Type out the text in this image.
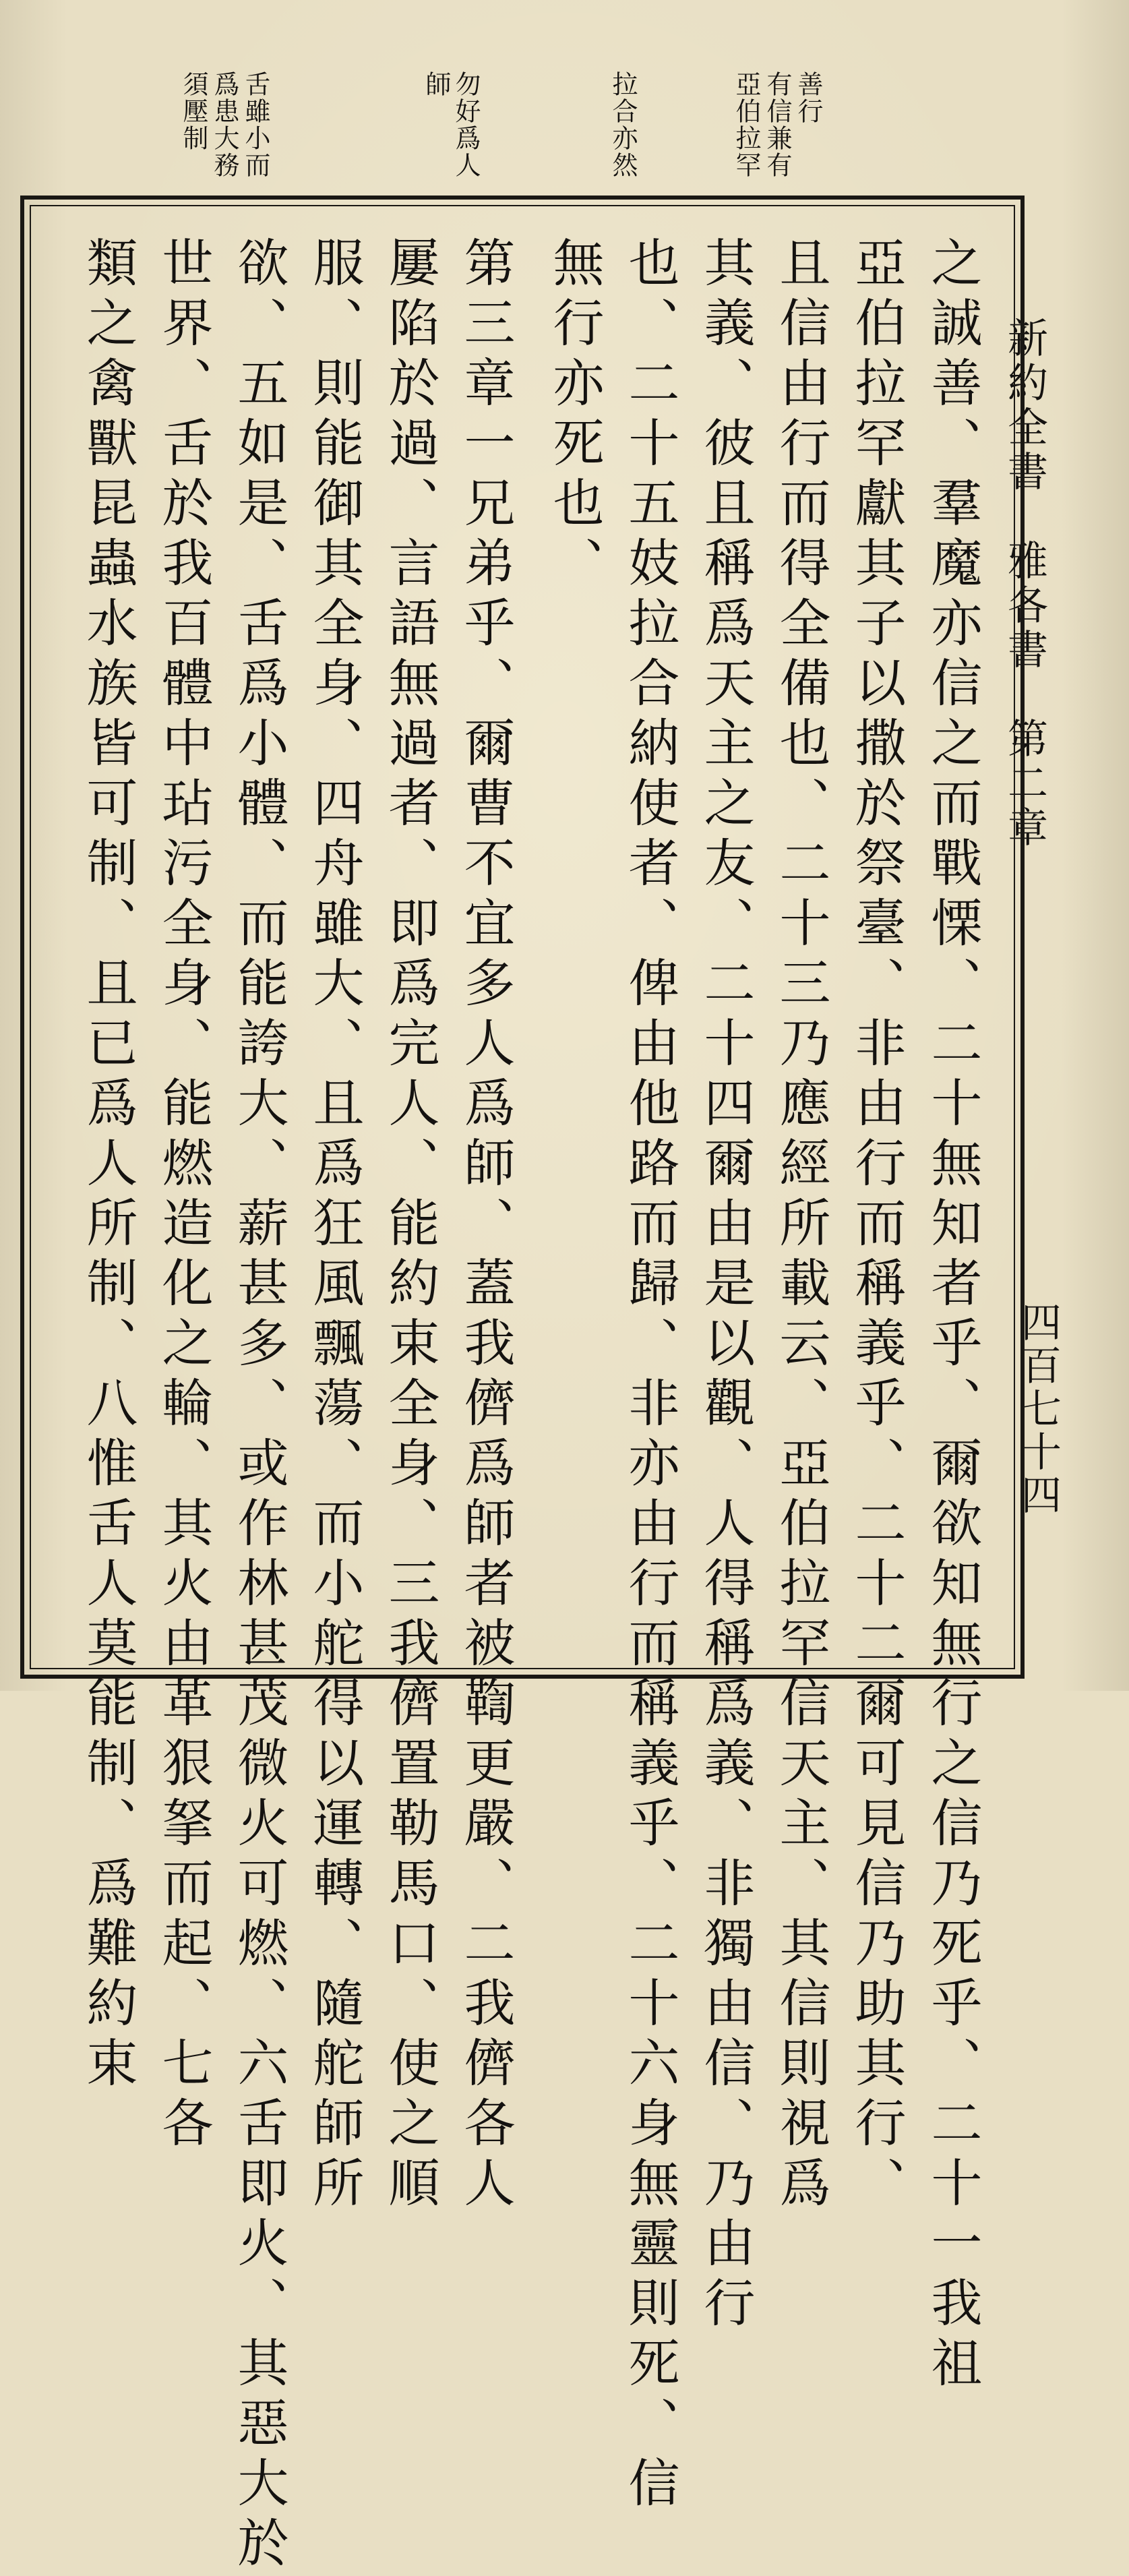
新約全書　雅各書　第二章
四百七十四
亞伯拉罕 有信兼有 善行
拉合亦然
師 勿好爲人
須壓制 爲患大務 舌雖小而
之誠善、羣魔亦信之而戰慄、二十無知者乎、爾欲知無行之信乃死乎、二十一我祖
亞伯拉罕獻其子以撒於祭臺、非由行而稱義乎、二十二爾可見信乃助其行、
且信由行而得全備也、二十三乃應經所載云、亞伯拉罕信天主、其信則視爲
其義、彼且稱爲天主之友、二十四爾由是以觀、人得稱爲義、非獨由信、乃由行
也、二十五妓拉合納使者、俾由他路而歸、非亦由行而稱義乎、二十六身無靈則死、信
無行亦死也、
第三章一兄弟乎、爾曹不宜多人爲師、蓋我儕爲師者被鞫更嚴、二我儕各人
屢陷於過、言語無過者、即爲完人、能約束全身、三我儕置勒馬口、使之順
服、則能御其全身、四舟雖大、且爲狂風飄蕩、而小舵得以運轉、隨舵師所
欲、五如是、舌爲小體、而能誇大、薪甚多、或作林甚茂微火可燃、六舌即火、其惡大於
世界、舌於我百體中玷污全身、能燃造化之輪、其火由革狠拏而起、七各
類之禽獸昆蟲水族皆可制、且已爲人所制、八惟舌人莫能制、爲難約束
